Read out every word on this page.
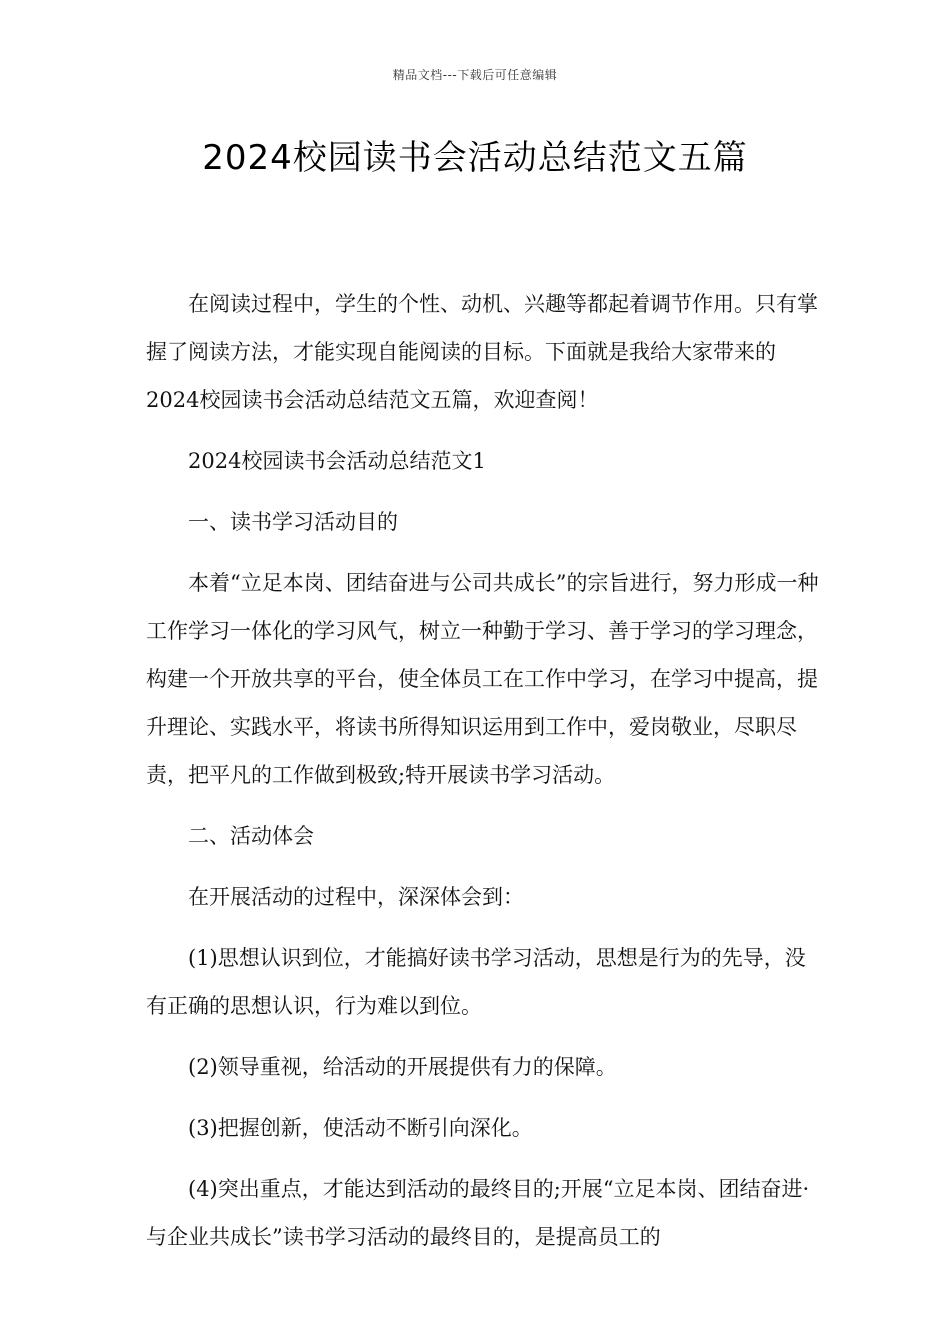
精品文档---下载后可任意编辑
2024校园读书会活动总结范文五篇

在阅读过程中，学生的个性、动机、兴趣等都起着调节作用。只有掌握了阅读方法，才能实现自能阅读的目标。下面就是我给大家带来的2024校园读书会活动总结范文五篇，欢迎查阅！

2024校园读书会活动总结范文1

一、读书学习活动目的

本着“立足本岗、团结奋进与公司共成长”的宗旨进行，努力形成一种工作学习一体化的学习风气，树立一种勤于学习、善于学习的学习理念，构建一个开放共享的平台，使全体员工在工作中学习，在学习中提高，提升理论、实践水平，将读书所得知识运用到工作中，爱岗敬业，尽职尽责，把平凡的工作做到极致;特开展读书学习活动。

二、活动体会

在开展活动的过程中，深深体会到：

(1)思想认识到位，才能搞好读书学习活动，思想是行为的先导，没有正确的思想认识，行为难以到位。

(2)领导重视，给活动的开展提供有力的保障。

(3)把握创新，使活动不断引向深化。

(4)突出重点，才能达到活动的最终目的;开展“立足本岗、团结奋进·与企业共成长”读书学习活动的最终目的，是提高员工的
